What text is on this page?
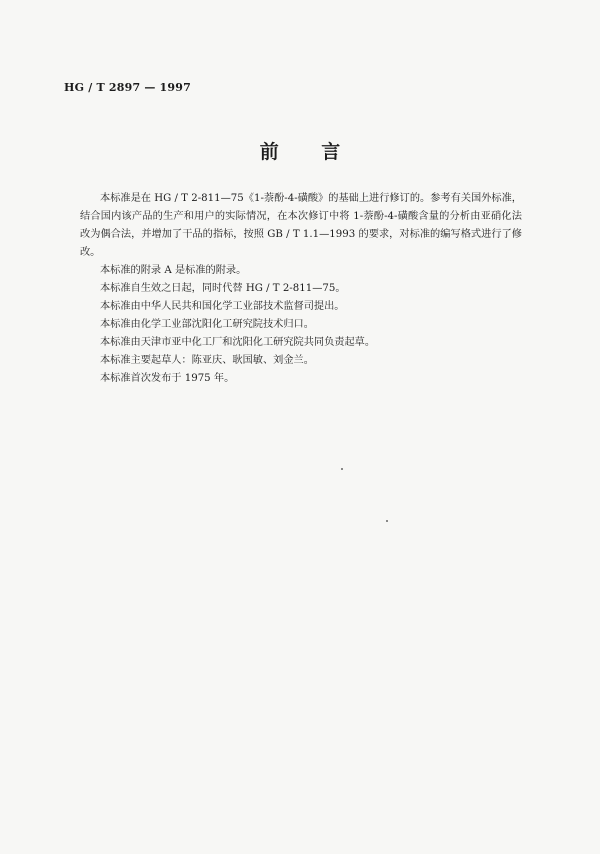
HG / T 2897 — 1997
前 言

本标准是在 HG / T 2-811—75《1-萘酚-4-磺酸》的基础上进行修订的。参考有关国外标准，结合国内该产品的生产和用户的实际情况，在本次修订中将 1-萘酚-4-磺酸含量的分析由亚硝化法改为偶合法，并增加了干品的指标，按照 GB / T 1.1—1993 的要求，对标准的编写格式进行了修改。

本标准的附录 A 是标准的附录。

本标准自生效之日起，同时代替 HG / T 2-811—75。

本标准由中华人民共和国化学工业部技术监督司提出。

本标准由化学工业部沈阳化工研究院技术归口。

本标准由天津市亚中化工厂和沈阳化工研究院共同负责起草。

本标准主要起草人：陈亚庆、耿国敏、刘金兰。

本标准首次发布于 1975 年。
